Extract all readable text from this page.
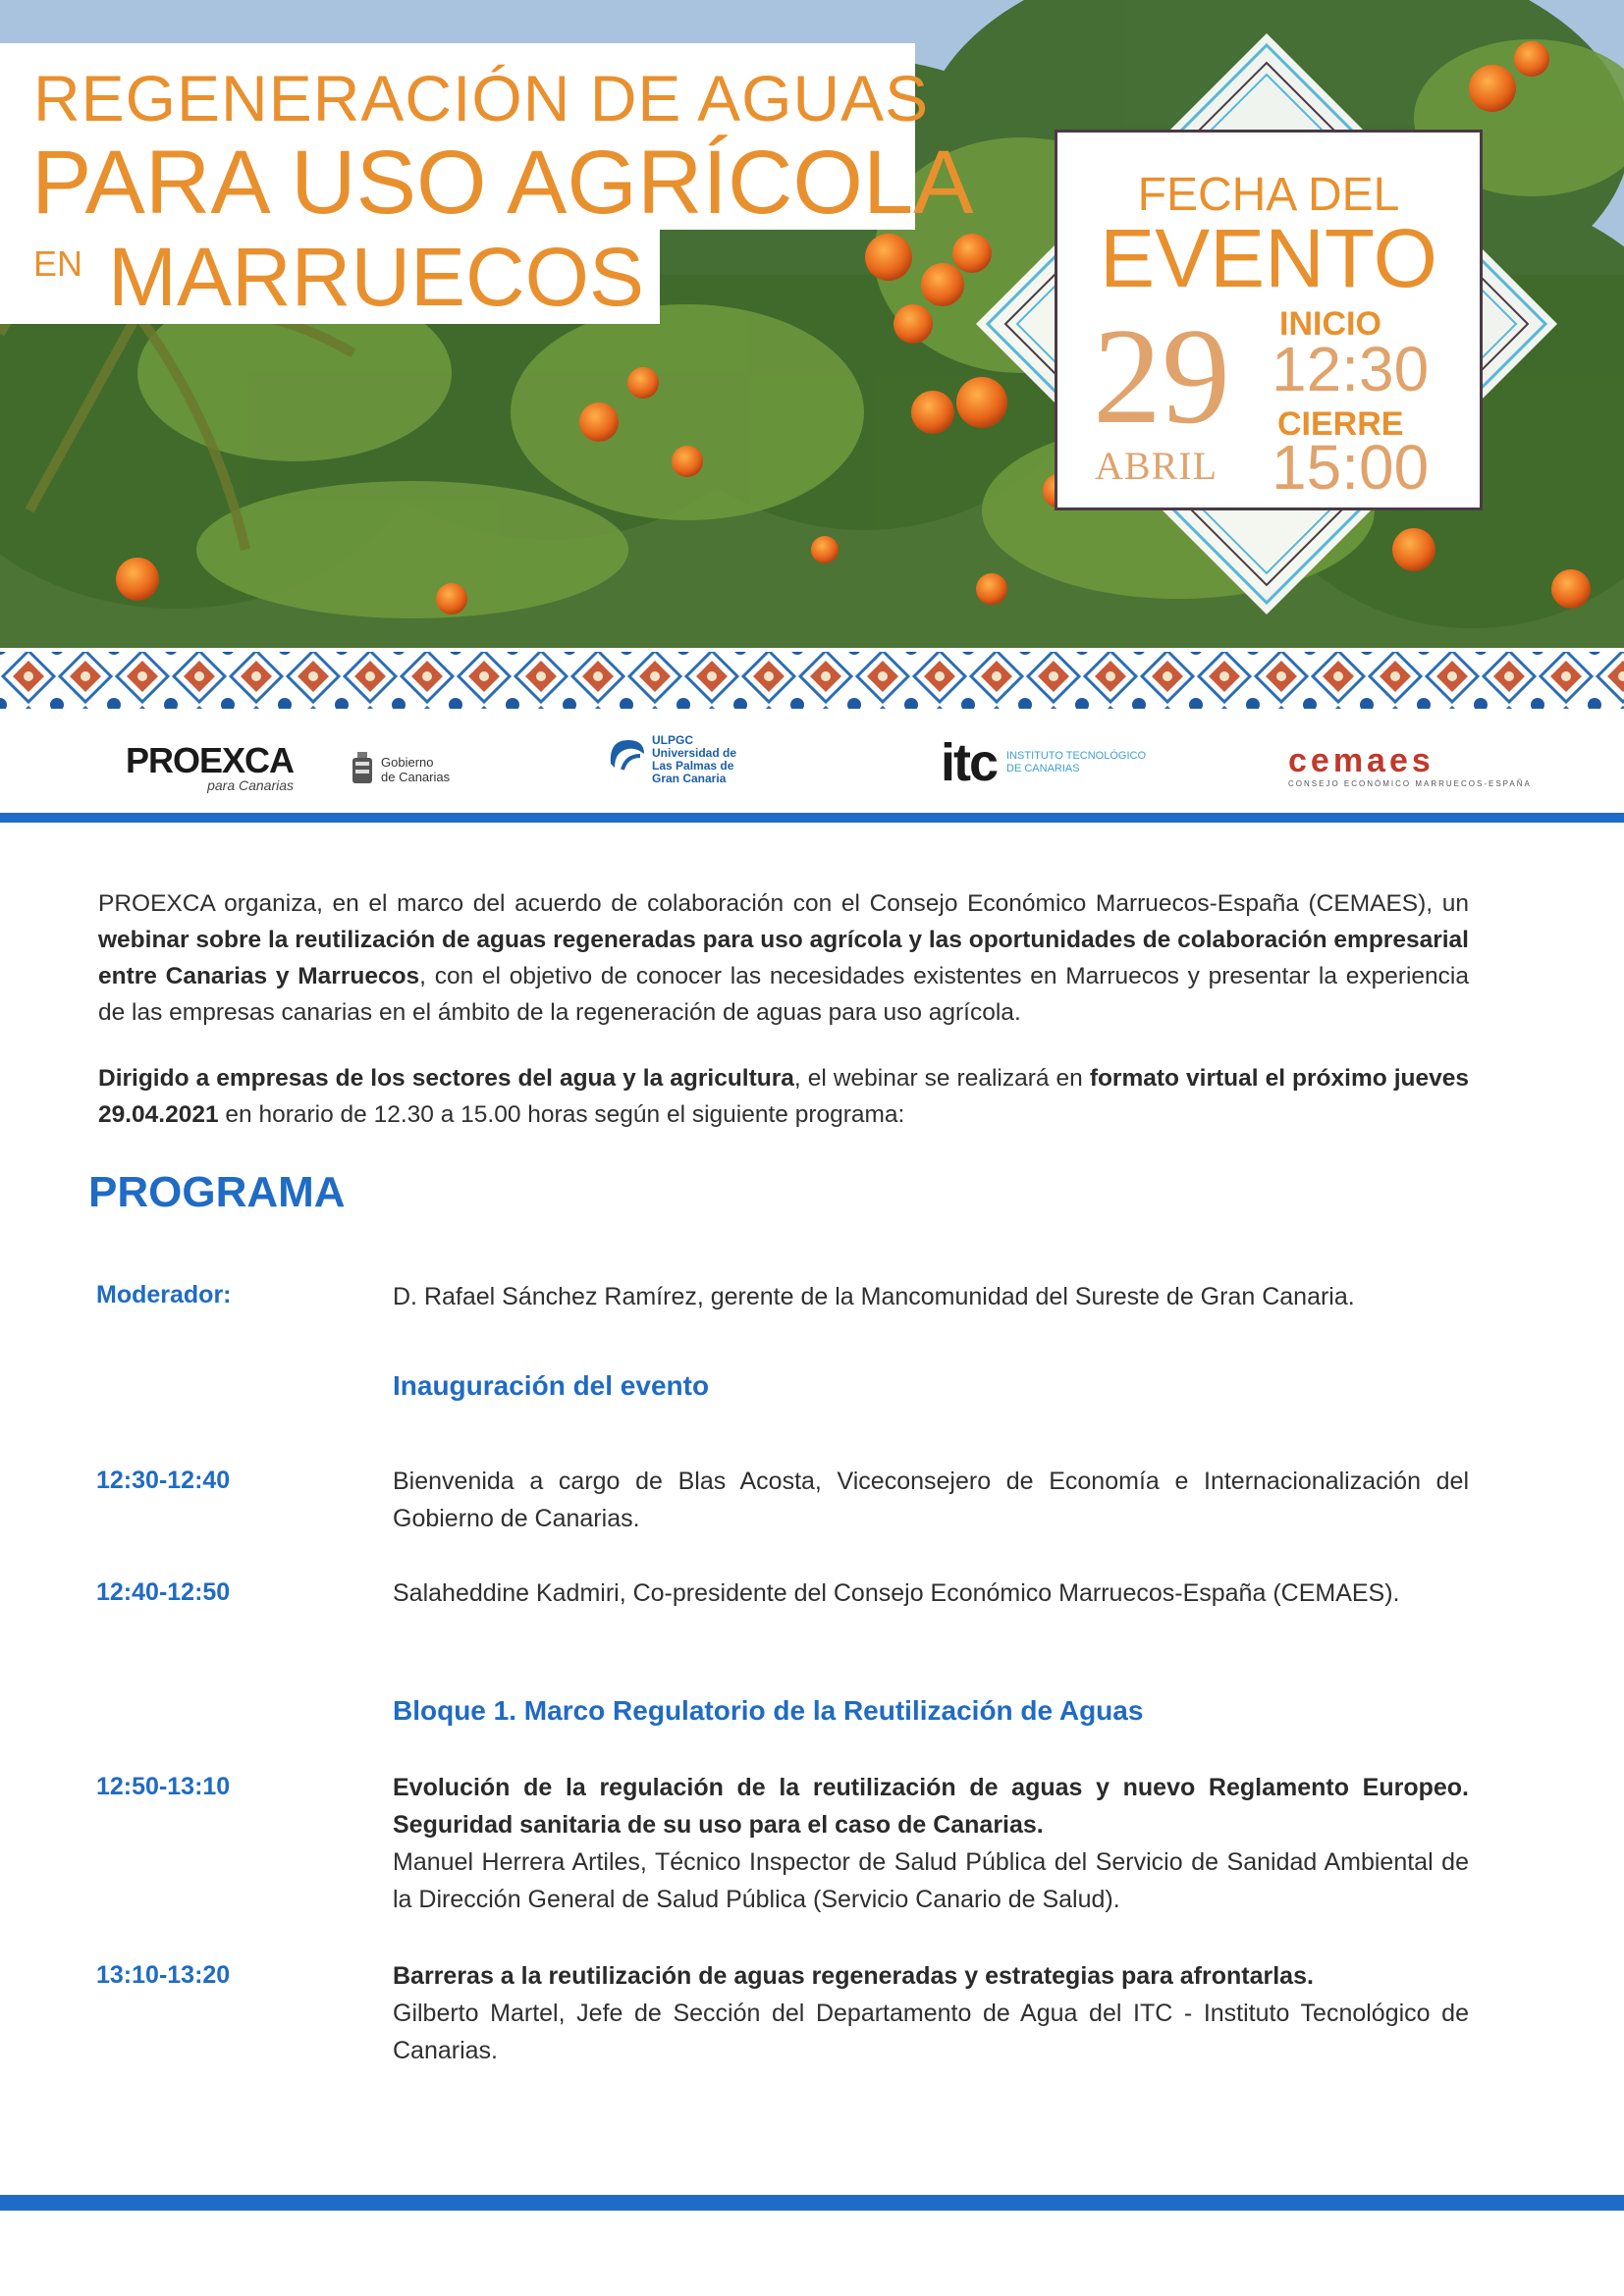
REGENERACIÓN DE AGUAS
PARA USO AGRÍCOLA
EN MARRUECOS
FECHA DEL
EVENTO
29
ABRIL
INICIO
12:30
CIERRE
15:00
PROEXCA
para Canarias
Gobierno
de Canarias
ULPGC
Universidad de
Las Palmas de
Gran Canaria	itc INSTITUTO TECNOLÓGICO
DE CANARIAS	cemaes
CONSEJO ECONÓMICO MARRUECOS-ESPAÑA
PROEXCA organiza, en el marco del acuerdo de colaboración con el Consejo Económico Marruecos-España (CEMAES), un webinar sobre la reutilización de aguas regeneradas para uso agrícola y las oportunidades de colaboración empresarial entre Canarias y Marruecos, con el objetivo de conocer las necesidades existentes en Marruecos y presentar la experiencia de las empresas canarias en el ámbito de la regeneración de aguas para uso agrícola.
Dirigido a empresas de los sectores del agua y la agricultura, el webinar se realizará en formato virtual el próximo jueves 29.04.2021 en horario de 12.30 a 15.00 horas según el siguiente programa:
PROGRAMA
Moderador:	D. Rafael Sánchez Ramírez, gerente de la Mancomunidad del Sureste de Gran Canaria.
Inauguración del evento
12:30-12:40	Bienvenida a cargo de Blas Acosta, Viceconsejero de Economía e Internacionalización del Gobierno de Canarias.
12:40-12:50	Salaheddine Kadmiri, Co-presidente del Consejo Económico Marruecos-España (CEMAES).
Bloque 1. Marco Regulatorio de la Reutilización de Aguas
12:50-13:10	Evolución de la regulación de la reutilización de aguas y nuevo Reglamento Europeo. Seguridad sanitaria de su uso para el caso de Canarias.
Manuel Herrera Artiles, Técnico Inspector de Salud Pública del Servicio de Sanidad Ambiental de la Dirección General de Salud Pública (Servicio Canario de Salud).
13:10-13:20	Barreras a la reutilización de aguas regeneradas y estrategias para afrontarlas.
Gilberto Martel, Jefe de Sección del Departamento de Agua del ITC - Instituto Tecnológico de Canarias.
